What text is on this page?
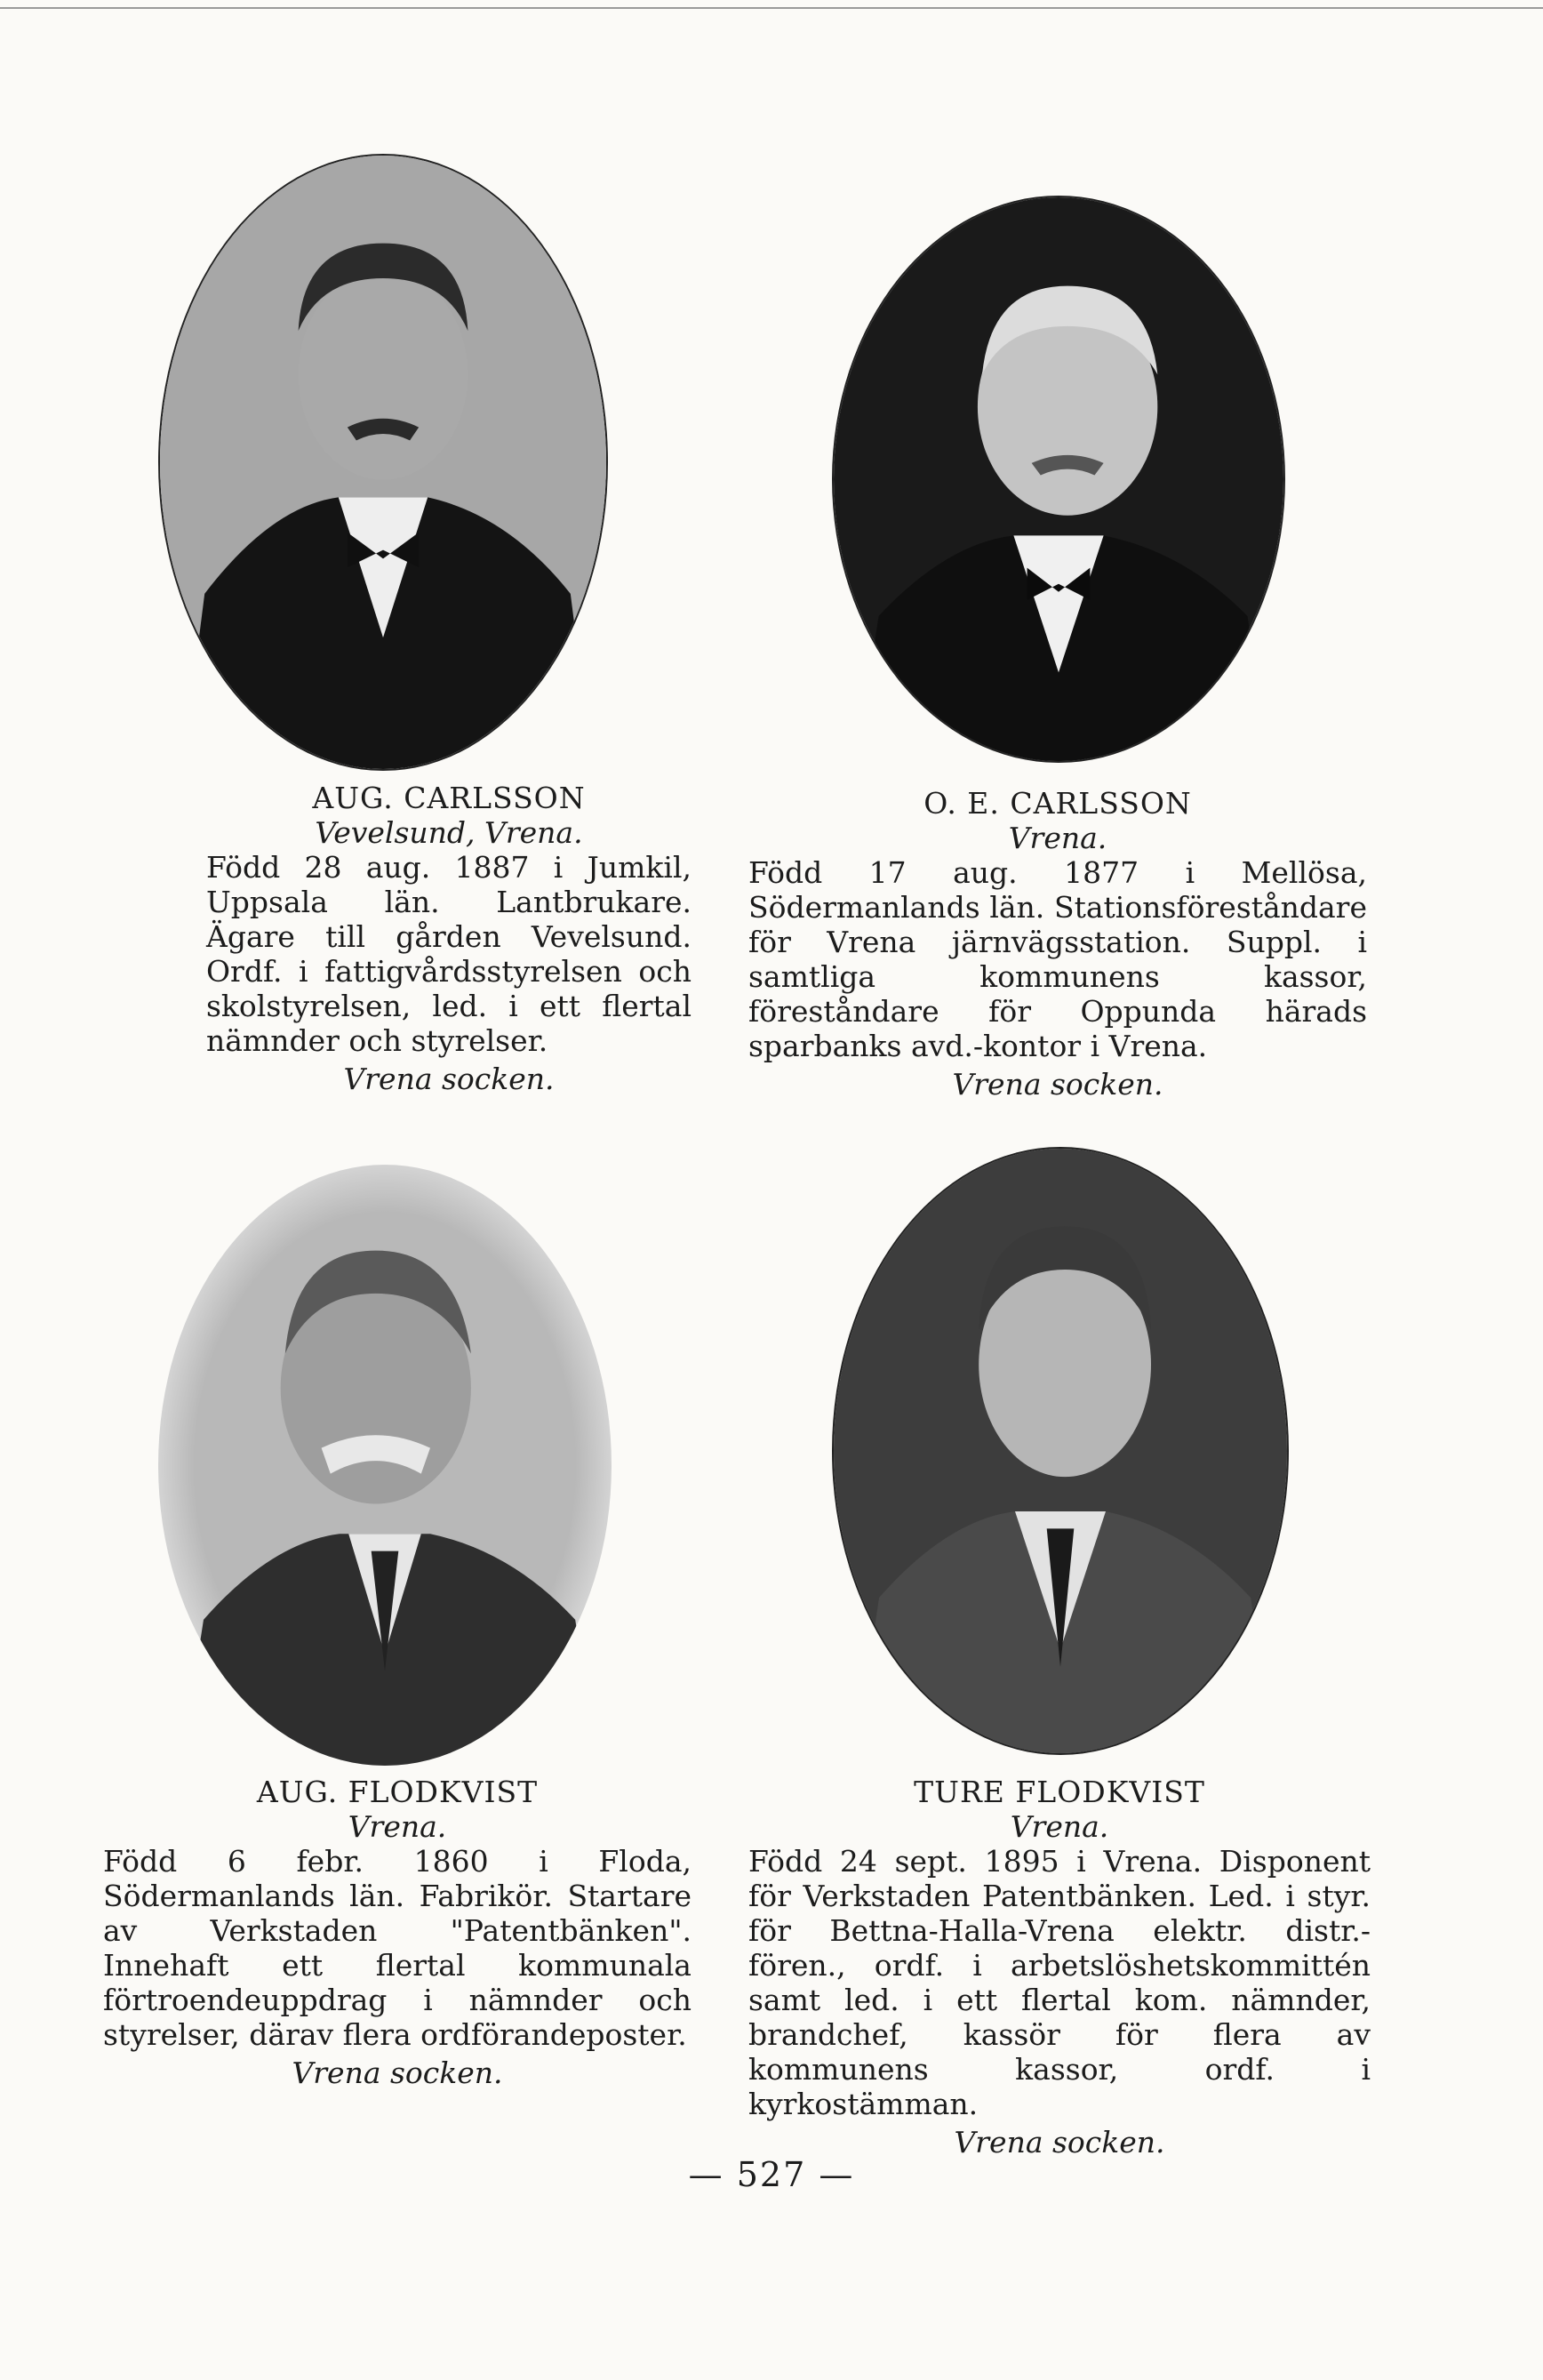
AUG. CARLSSON
Vevelsund, Vrena.
Född 28 aug. 1887 i Jumkil, Uppsala län. Lantbrukare. Ägare till gården Vevelsund. Ordf. i fattigvårdsstyrelsen och skolstyrelsen, led. i ett flertal nämnder och styrelser.
Vrena socken.
O. E. CARLSSON
Vrena.
Född 17 aug. 1877 i Mellösa, Södermanlands län. Stationsföreståndare för Vrena järnvägsstation. Suppl. i samtliga kommunens kassor, föreståndare för Oppunda härads sparbanks avd.-kontor i Vrena.
Vrena socken.
AUG. FLODKVIST
Vrena.
Född 6 febr. 1860 i Floda, Södermanlands län. Fabrikör. Startare av Verkstaden "Patentbänken". Innehaft ett flertal kommunala förtroendeuppdrag i nämnder och styrelser, därav flera ordförandeposter.
Vrena socken.
TURE FLODKVIST
Vrena.
Född 24 sept. 1895 i Vrena. Disponent för Verkstaden Patentbänken. Led. i styr. för Bettna-Halla-Vrena elektr. distr.-fören., ordf. i arbetslöshetskommittén samt led. i ett flertal kom. nämnder, brandchef, kassör för flera av kommunens kassor, ordf. i kyrkostämman.
Vrena socken.
— 527 —
